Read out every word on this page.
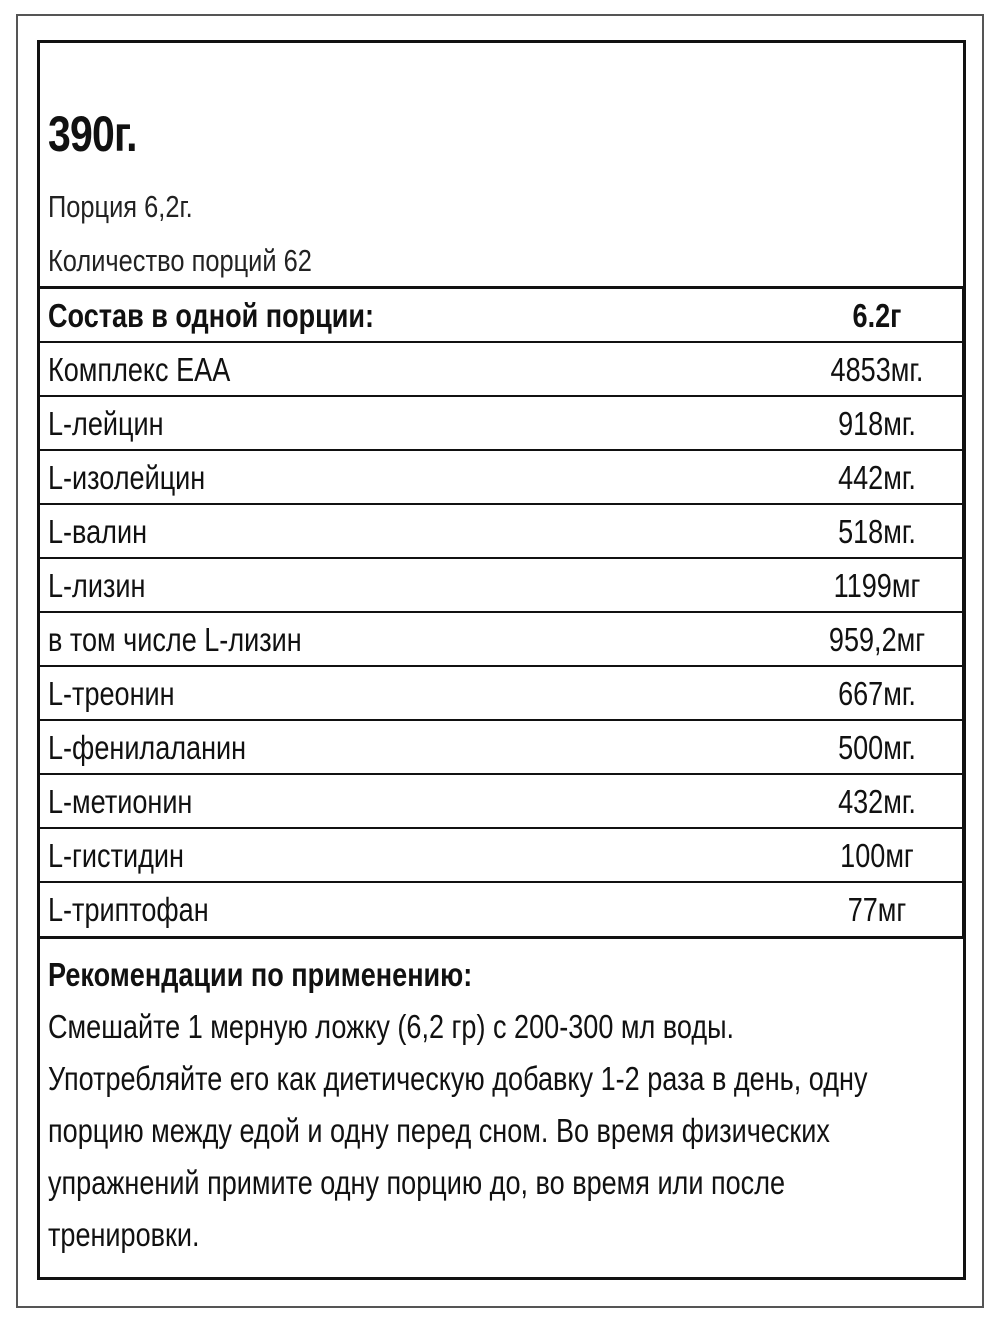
390г.
Порция 6,2г.
Количество порций 62
Состав в одной порции:	6.2г
Комплекс EAA	4853мг.
L-лейцин	918мг.
L-изолейцин	442мг.
L-валин	518мг.
L-лизин	1199мг
в том числе L-лизин	959,2мг
L-треонин	667мг.
L-фенилаланин	500мг.
L-метионин	432мг.
L-гистидин	100мг
L-триптофан	77мг
Рекомендации по применению:
Смешайте 1 мерную ложку (6,2 гр) с 200-300 мл воды.
Употребляйте его как диетическую добавку 1-2 раза в день, одну
порцию между едой и одну перед сном. Во время физических
упражнений примите одну порцию до, во время или после
тренировки.
